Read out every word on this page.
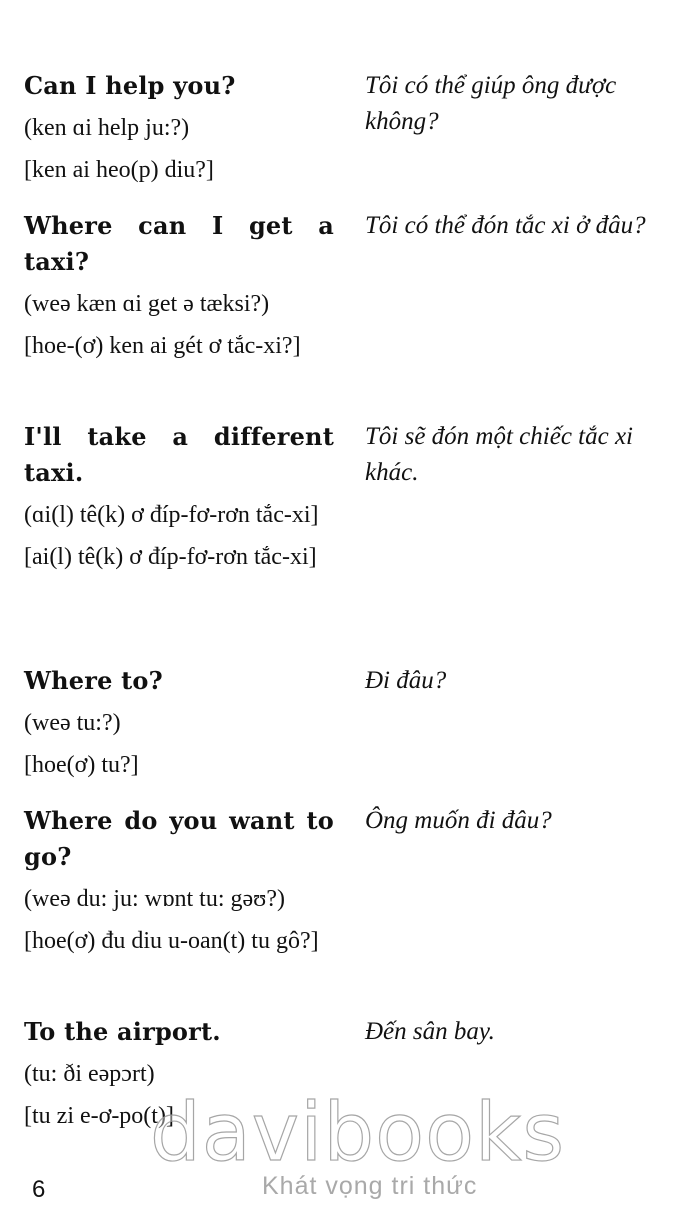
Can I help you?

(ken ɑi help ju:?)

[ken ai heo(p) diu?]

Tôi có thể giúp ông được không?

Where can I get a taxi?

(weə kæn ɑi get ə tæksi?)

[hoe-(ơ) ken ai gét ơ tắc-xi?]

Tôi có thể đón tắc xi ở đâu?

I'll take a different taxi.

(ɑi(l) tê(k) ơ đíp-fơ-rơn tắc-xi]

[ai(l) tê(k) ơ đíp-fơ-rơn tắc-xi]

Tôi sẽ đón một chiếc tắc xi khác.

Where to?

(weə tu:?)

[hoe(ơ) tu?]

Đi đâu?

Where do you want to go?

(weə du: ju: wɒnt tu: gəʊ?)

[hoe(ơ) đu diu u-oan(t) tu gô?]

Ông muốn đi đâu?

To the airport.

(tu: ði eəpɔrt)

[tu zi e-ơ-po(t)]

Đến sân bay.

davibooks
Khát vọng tri thức
6
